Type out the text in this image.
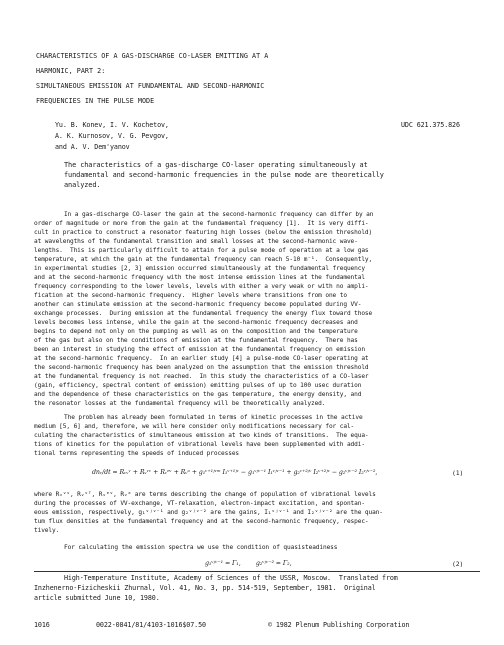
CHARACTERISTICS OF A GAS-DISCHARGE CO-LASER EMITTING AT A
HARMONIC, PART 2:
SIMULTANEOUS EMISSION AT FUNDAMENTAL AND SECOND-HARMONIC
FREQUENCIES IN THE PULSE MODE
Yu. B. Konev, I. V. Kochetov,
A. K. Kurnosov, V. G. Pevgov,
and A. V. Dem'yanov
UDC 621.375.826
The characteristics of a gas-discharge CO-laser operating simultaneously at
fundamental and second-harmonic frequencies in the pulse mode are theoretically
analyzed.
In a gas-discharge CO-laser the gain at the second-harmonic frequency can differ by an
order of magnitude or more from the gain at the fundamental frequency [1].  It is very diffi-
cult in practice to construct a resonator featuring high losses (below the emission threshold)
at wavelengths of the fundamental transition and small losses at the second-harmonic wave-
lengths.  This is particularly difficult to attain for a pulse mode of operation at a low gas
temperature, at which the gain at the fundamental frequency can reach 5-10 m⁻¹.  Consequently,
in experimental studies [2, 3] emission occurred simultaneously at the fundamental frequency
and at the second-harmonic frequency with the most intense emission lines at the fundamental
frequency corresponding to the lower levels, levels with either a very weak or with no ampli-
fication at the second-harmonic frequency.  Higher levels where transitions from one to
another can stimulate emission at the second-harmonic frequency become populated during VV-
exchange processes.  During emission at the fundamental frequency the energy flux toward those
levels becomes less intense, while the gain at the second-harmonic frequency decreases and
begins to depend not only on the pumping as well as on the composition and the temperature
of the gas but also on the conditions of emission at the fundamental frequency.  There has
been an interest in studying the effect of emission at the fundamental frequency on emission
at the second-harmonic frequency.  In an earlier study [4] a pulse-mode CO-laser operating at
the second-harmonic frequency has been analyzed on the assumption that the emission threshold
at the fundamental frequency is not reached.  In this study the characteristics of a CO-laser
(gain, efficiency, spectral content of emission) emitting pulses of up to 100 usec duration
and the dependence of these characteristics on the gas temperature, the energy density, and
the resonator losses at the fundamental frequency will be theoretically analyzed.
The problem has already been formulated in terms of kinetic processes in the active
medium [5, 6] and, therefore, we will here consider only modifications necessary for cal-
culating the characteristics of simultaneous emission at two kinds of transitions.  The equa-
tions of kinetics for the population of vibrational levels have been supplemented with addi-
tional terms representing the speeds of induced processes
dnᵥ/dt = Rᵥᵥᵛ + Rᵥᵛᵛ + Rᵥᵉᵛ + Rᵥᵃ + g₁ᵛ⁺¹ʲᵛᵐ I₁ᵛ⁺¹ʲᵛ − g₁ᵛʲᵛ⁻¹ I₁ᵛʲᵛ⁻¹ + g₂ᵛ⁺²ʲᵛ I₂ᵛ⁺²ʲᵛ − g₂ᵛʲᵛ⁻² I₂ᵛʲᵛ⁻²,	(1)
where Rᵥᵛᵛ, Rᵥᵛᵀ, Rᵥᵉᵛ, Rᵥᵃ are terms describing the change of population of vibrational levels
during the processes of VV-exchange, VT-relaxation, electron-impact excitation, and spontan-
eous emission, respectively, g₁ᵛʲᵛ⁻¹ and g₂ᵛʲᵛ⁻² are the gains, I₁ᵛʲᵛ⁻¹ and I₂ᵛʲᵛ⁻² are the quan-
tum flux densities at the fundamental frequency and at the second-harmonic frequency, respec-
tively.
For calculating the emission spectra we use the condition of quasisteadiness
g₁ᵛʲᵛ⁻¹ = Γ₁,        g₂ᵛʲᵛ⁻² = Γ₂,	(2)
High-Temperature Institute, Academy of Sciences of the USSR, Moscow.  Translated from
Inzhenerno-Fizicheskii Zhurnal, Vol. 41, No. 3, pp. 514-519, September, 1981.  Original
article submitted June 10, 1980.
1016	0022-0841/81/4103-1016$07.50	© 1982 Plenum Publishing Corporation
